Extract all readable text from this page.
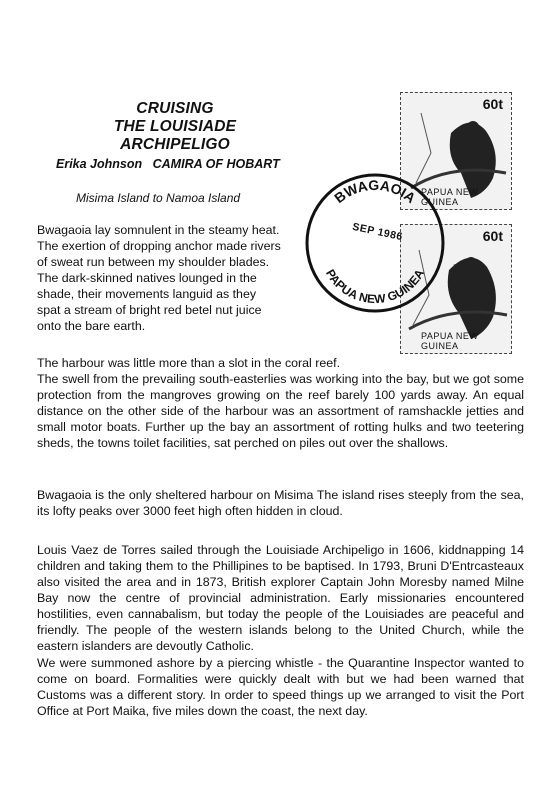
CRUISING
THE LOUISIADE ARCHIPELIGO
Erika Johnson CAMIRA OF HOBART
Misima Island to Namoa Island
60t
PAPUA NEW GUINEA
60t
PAPUA NEW GUINEA
BWAGAOIA
PAPUA NEW GUINEA
SEP 1986
Bwagaoia lay somnulent in the steamy heat.
The exertion of dropping anchor made rivers
of sweat run between my shoulder blades.
The dark-skinned natives lounged in the
shade, their movements languid as they
spat a stream of bright red betel nut juice
onto the bare earth.
The harbour was little more than a slot in the coral reef.
The swell from the prevailing south-easterlies was working into the bay, but we got some protection from the mangroves growing on the reef barely 100 yards away. An equal distance on the other side of the harbour was an assortment of ramshackle jetties and small motor boats. Further up the bay an assortment of rotting hulks and two teetering sheds, the towns toilet facilities, sat perched on piles out over the shallows.

Bwagaoia is the only sheltered harbour on Misima The island rises steeply from the sea, its lofty peaks over 3000 feet high often hidden in cloud.

Louis Vaez de Torres sailed through the Louisiade Archipeligo in 1606, kiddnapping 14 children and taking them to the Phillipines to be baptised. In 1793, Bruni D'Entrcasteaux also visited the area and in 1873, British explorer Captain John Moresby named Milne Bay now the centre of provincial administration. Early missionaries encountered hostilities, even cannabalism, but today the people of the Louisiades are peaceful and friendly. The people of the western islands belong to the United Church, while the eastern islanders are devoutly Catholic.

We were summoned ashore by a piercing whistle - the Quarantine Inspector wanted to come on board. Formalities were quickly dealt with but we had been warned that Customs was a different story. In order to speed things up we arranged to visit the Port Office at Port Maika, five miles down the coast, the next day.
